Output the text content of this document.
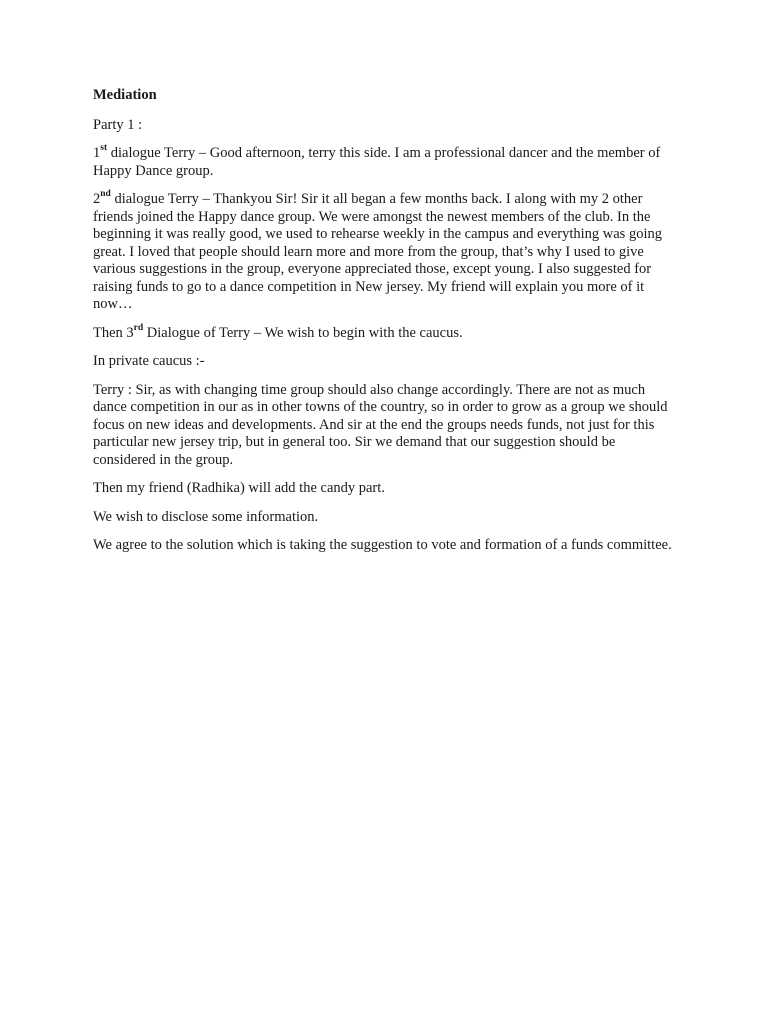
Mediation

Party 1 :

1st dialogue Terry – Good afternoon, terry this side. I am a professional dancer and the member of Happy Dance group.

2nd dialogue Terry – Thankyou Sir! Sir it all began a few months back. I along with my 2 other friends joined the Happy dance group. We were amongst the newest members of the club. In the beginning it was really good, we used to rehearse weekly in the campus and everything was going great. I loved that people should learn more and more from the group, that’s why I used to give various suggestions in the group, everyone appreciated those, except young. I also suggested for raising funds to go to a dance competition in New jersey. My friend will explain you more of it now…

Then 3rd Dialogue of Terry – We wish to begin with the caucus.

In private caucus :-

Terry : Sir, as with changing time group should also change accordingly. There are not as much dance competition in our as in other towns of the country, so in order to grow as a group we should focus on new ideas and developments. And sir at the end the groups needs funds, not just for this particular new jersey trip, but in general too. Sir we demand that our suggestion should be considered in the group.

Then my friend (Radhika) will add the candy part.

We wish to disclose some information.

We agree to the solution which is taking the suggestion to vote and formation of a funds committee.
